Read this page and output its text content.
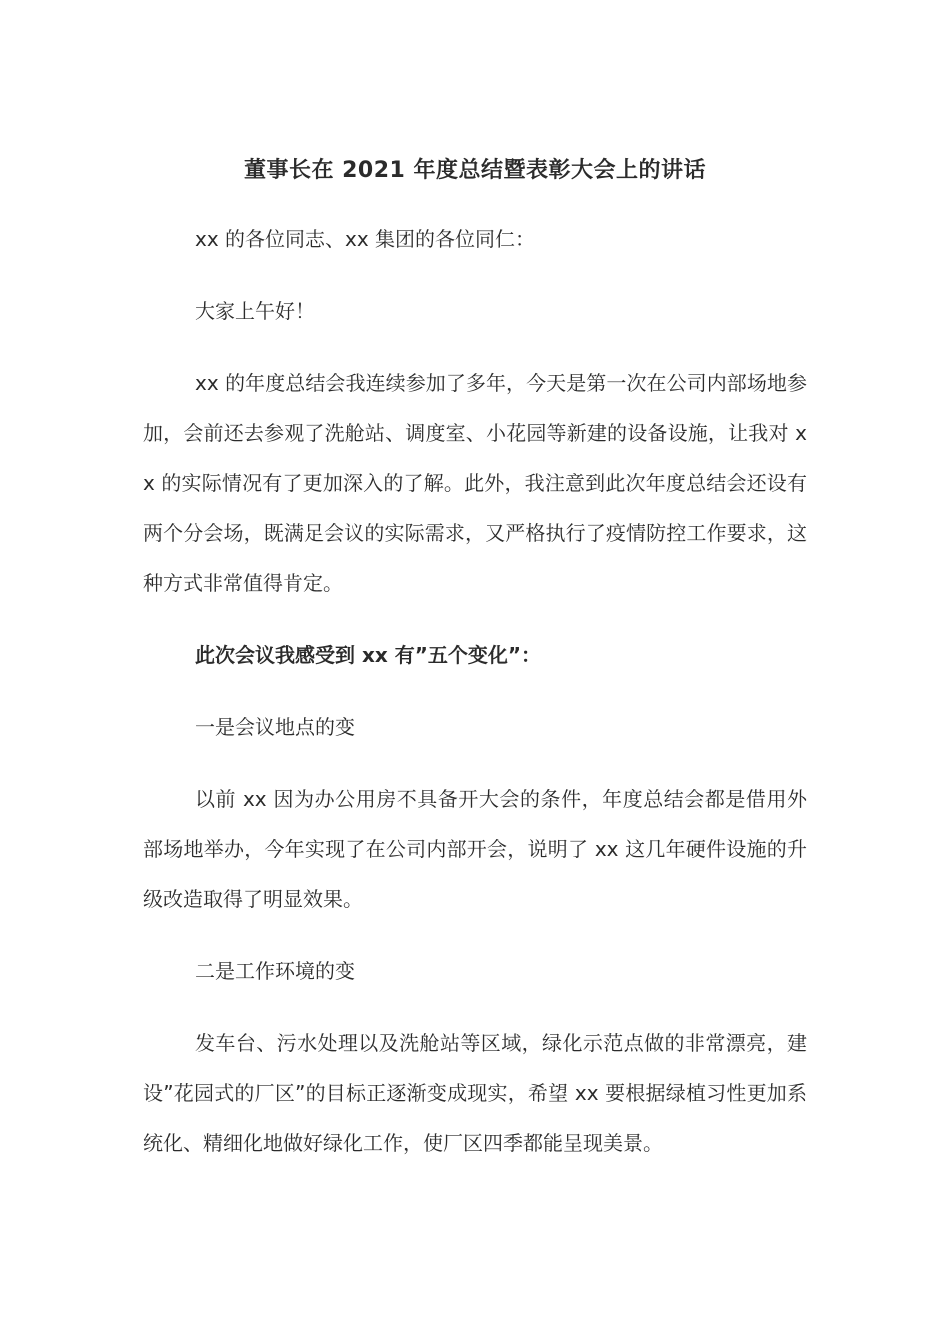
董事长在 2021 年度总结暨表彰大会上的讲话

xx 的各位同志、xx 集团的各位同仁：

大家上午好！

xx 的年度总结会我连续参加了多年，今天是第一次在公司内部场地参加，会前还去参观了洗舱站、调度室、小花园等新建的设备设施，让我对 xx 的实际情况有了更加深入的了解。此外，我注意到此次年度总结会还设有两个分会场，既满足会议的实际需求，又严格执行了疫情防控工作要求，这种方式非常值得肯定。

此次会议我感受到 xx 有”五个变化”：

一是会议地点的变

以前 xx 因为办公用房不具备开大会的条件，年度总结会都是借用外部场地举办，今年实现了在公司内部开会，说明了 xx 这几年硬件设施的升级改造取得了明显效果。

二是工作环境的变

发车台、污水处理以及洗舱站等区域，绿化示范点做的非常漂亮，建设”花园式的厂区”的目标正逐渐变成现实，希望 xx 要根据绿植习性更加系统化、精细化地做好绿化工作，使厂区四季都能呈现美景。
